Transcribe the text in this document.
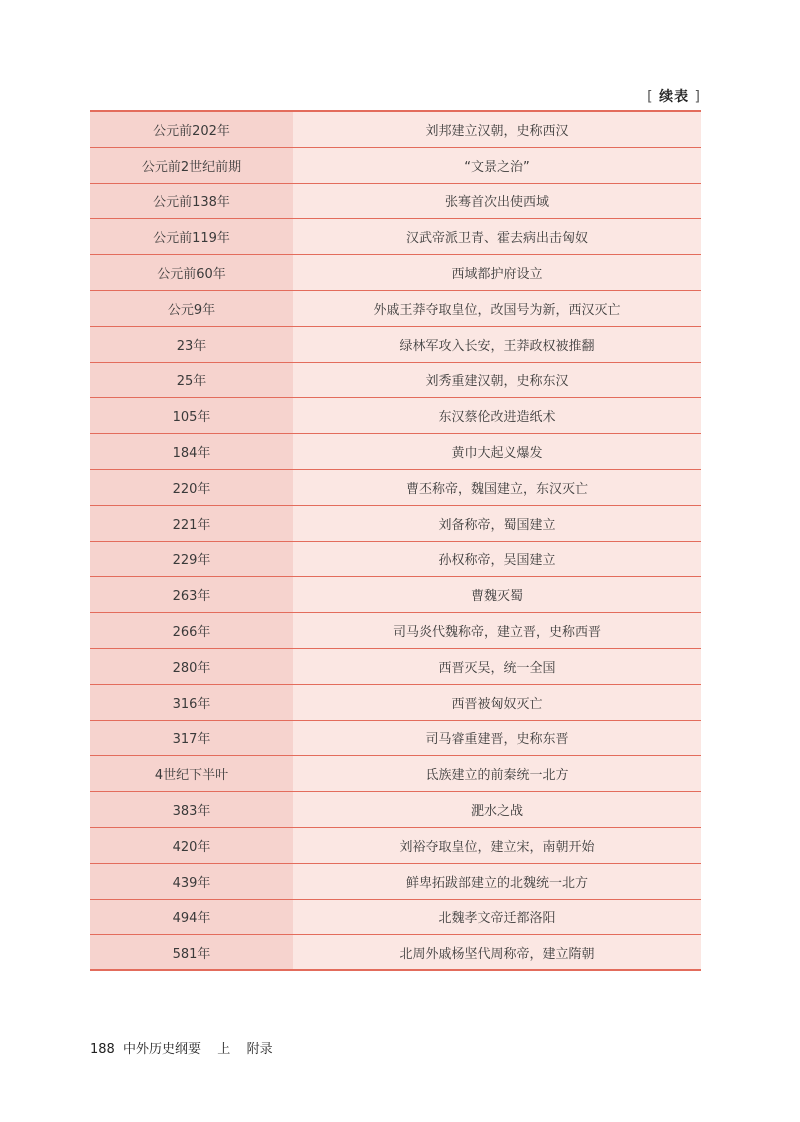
[ 续表 ]
公元前202年	刘邦建立汉朝，史称西汉
公元前2世纪前期	“文景之治”
公元前138年	张骞首次出使西域
公元前119年	汉武帝派卫青、霍去病出击匈奴
公元前60年	西域都护府设立
公元9年	外戚王莽夺取皇位，改国号为新，西汉灭亡
23年	绿林军攻入长安，王莽政权被推翻
25年	刘秀重建汉朝，史称东汉
105年	东汉蔡伦改进造纸术
184年	黄巾大起义爆发
220年	曹丕称帝，魏国建立，东汉灭亡
221年	刘备称帝，蜀国建立
229年	孙权称帝，吴国建立
263年	曹魏灭蜀
266年	司马炎代魏称帝，建立晋，史称西晋
280年	西晋灭吴，统一全国
316年	西晋被匈奴灭亡
317年	司马睿重建晋，史称东晋
4世纪下半叶	氐族建立的前秦统一北方
383年	淝水之战
420年	刘裕夺取皇位，建立宋，南朝开始
439年	鲜卑拓跋部建立的北魏统一北方
494年	北魏孝文帝迁都洛阳
581年	北周外戚杨坚代周称帝，建立隋朝
188 中外历史纲要 上 附录
